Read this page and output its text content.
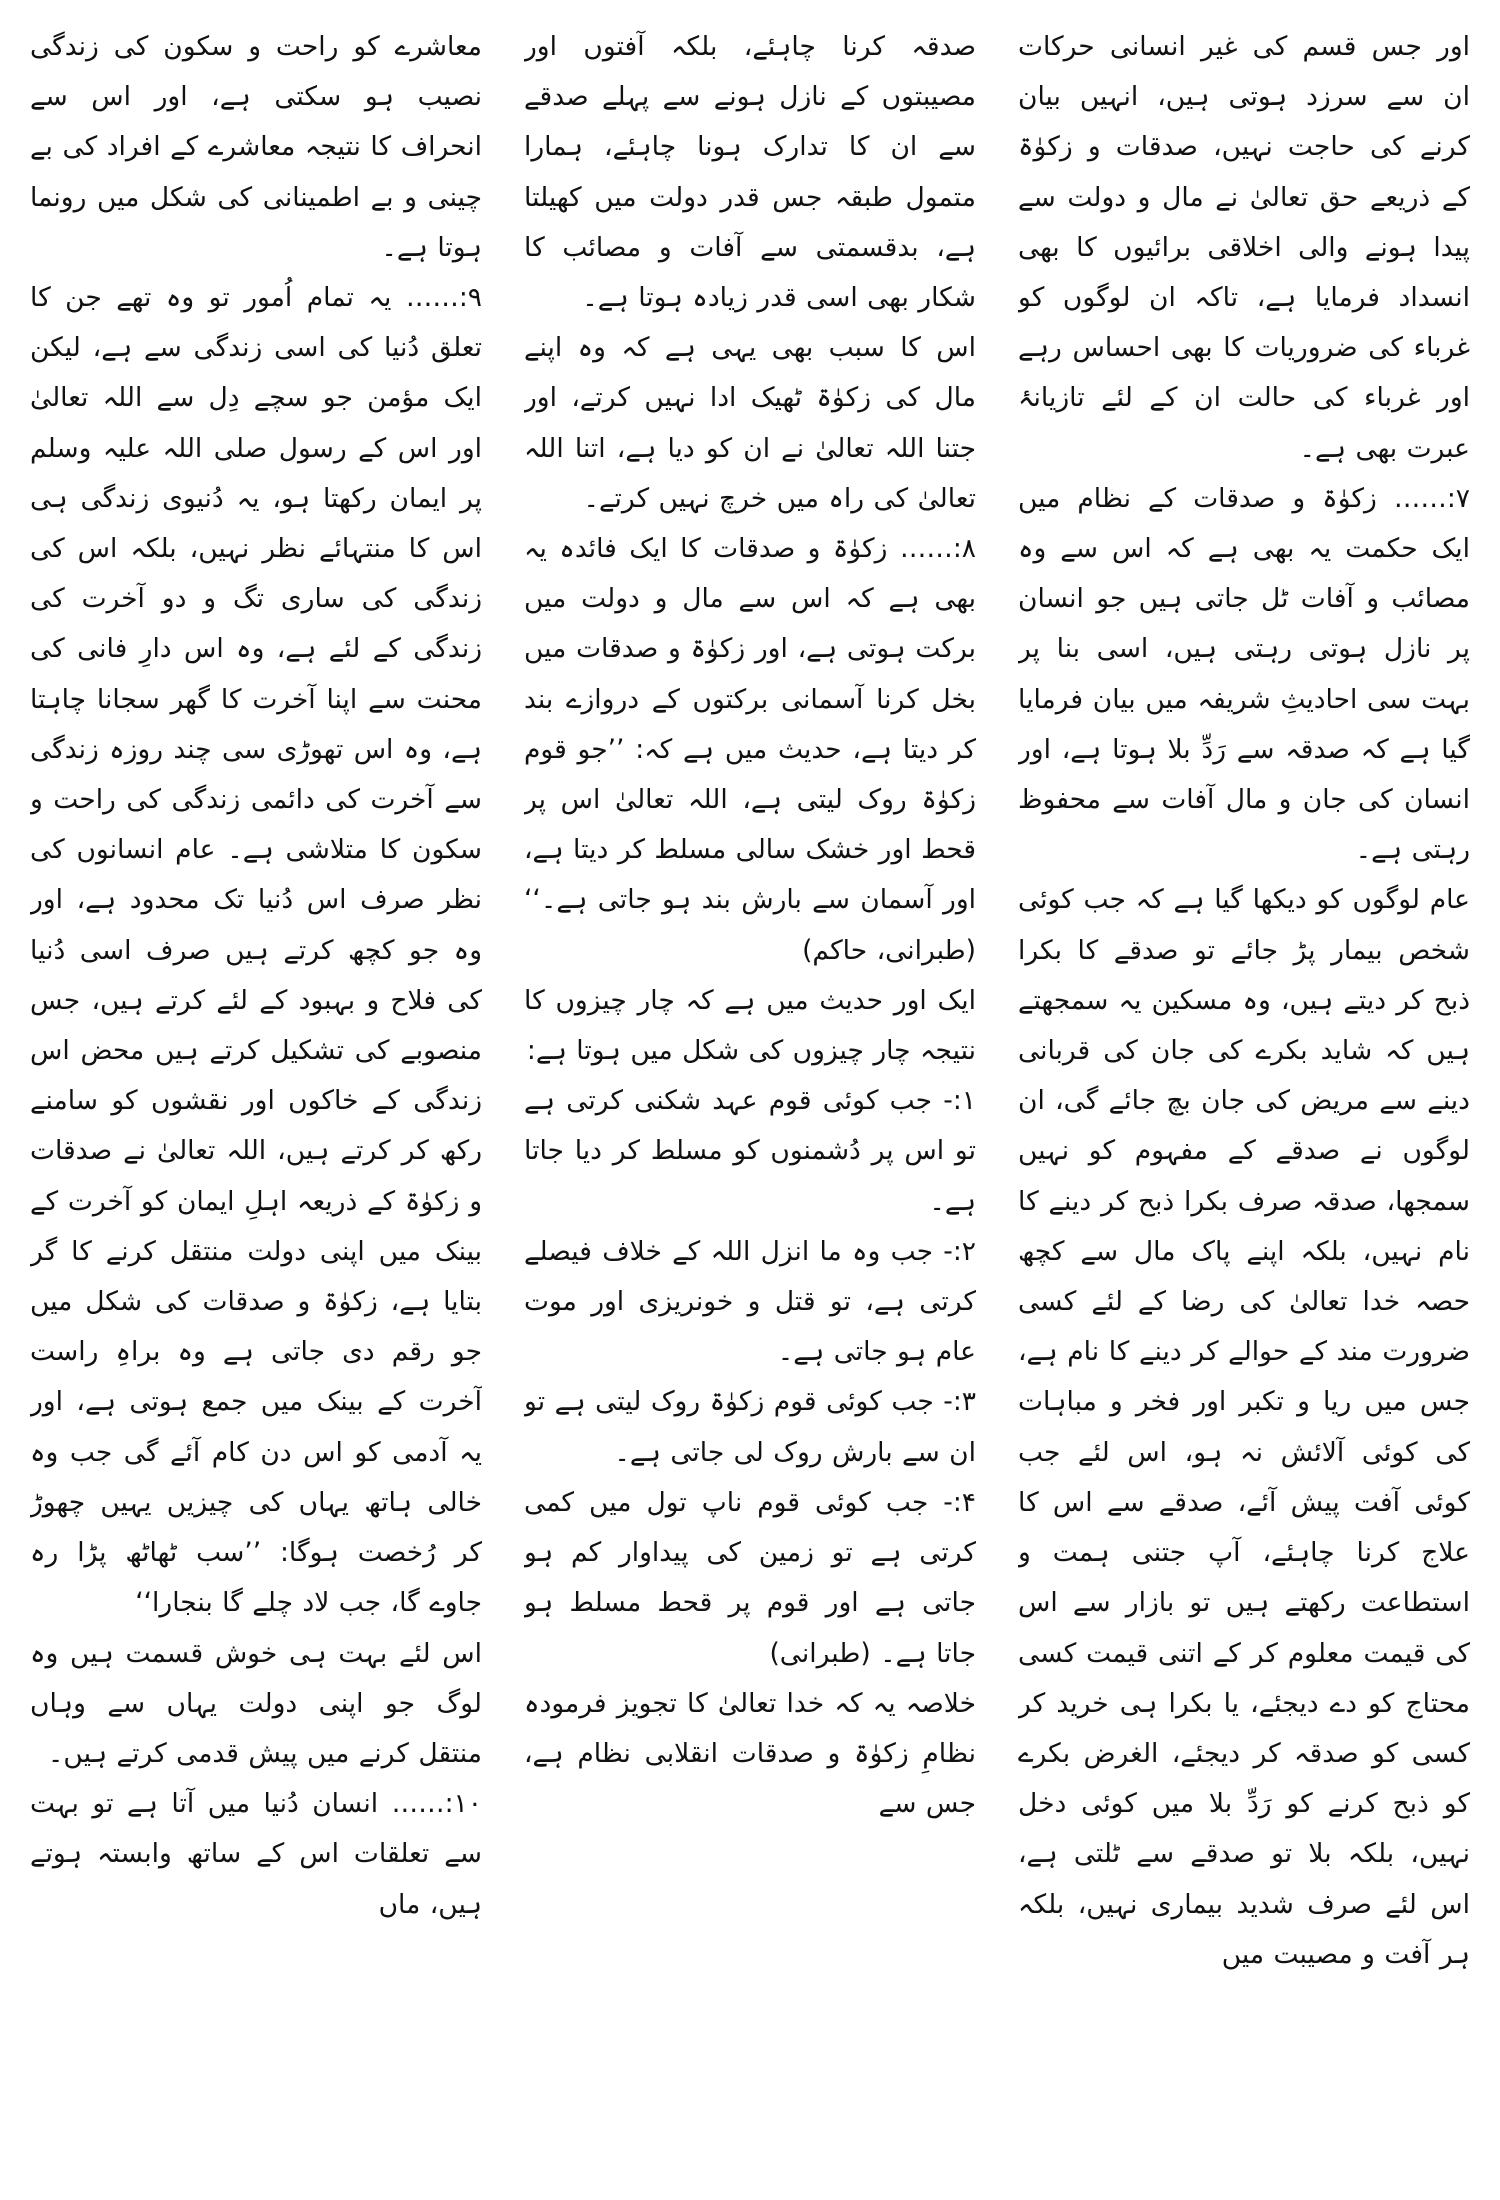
اور جس قسم کی غیر انسانی حرکات ان سے سرزد ہوتی ہیں، انہیں بیان کرنے کی حاجت نہیں، صدقات و زکوٰۃ کے ذریعے حق تعالیٰ نے مال و دولت سے پیدا ہونے والی اخلاقی برائیوں کا بھی انسداد فرمایا ہے، تاکہ ان لوگوں کو غرباء کی ضروریات کا بھی احساس رہے اور غرباء کی حالت ان کے لئے تازیانۂ عبرت بھی ہے۔

۷:…… زکوٰۃ و صدقات کے نظام میں ایک حکمت یہ بھی ہے کہ اس سے وہ مصائب و آفات ٹل جاتی ہیں جو انسان پر نازل ہوتی رہتی ہیں، اسی بنا پر بہت سی احادیثِ شریفہ میں بیان فرمایا گیا ہے کہ صدقہ سے رَدِّ بلا ہوتا ہے، اور انسان کی جان و مال آفات سے محفوظ رہتی ہے۔

عام لوگوں کو دیکھا گیا ہے کہ جب کوئی شخص بیمار پڑ جائے تو صدقے کا بکرا ذبح کر دیتے ہیں، وہ مسکین یہ سمجھتے ہیں کہ شاید بکرے کی جان کی قربانی دینے سے مریض کی جان بچ جائے گی، ان لوگوں نے صدقے کے مفہوم کو نہیں سمجھا، صدقہ صرف بکرا ذبح کر دینے کا نام نہیں، بلکہ اپنے پاک مال سے کچھ حصہ خدا تعالیٰ کی رضا کے لئے کسی ضرورت مند کے حوالے کر دینے کا نام ہے، جس میں ریا و تکبر اور فخر و مباہات کی کوئی آلائش نہ ہو، اس لئے جب کوئی آفت پیش آئے، صدقے سے اس کا علاج کرنا چاہئے، آپ جتنی ہمت و استطاعت رکھتے ہیں تو بازار سے اس کی قیمت معلوم کر کے اتنی قیمت کسی محتاج کو دے دیجئے، یا بکرا ہی خرید کر کسی کو صدقہ کر دیجئے، الغرض بکرے کو ذبح کرنے کو رَدِّ بلا میں کوئی دخل نہیں، بلکہ بلا تو صدقے سے ٹلتی ہے، اس لئے صرف شدید بیماری نہیں، بلکہ ہر آفت و مصیبت میں

صدقہ کرنا چاہئے، بلکہ آفتوں اور مصیبتوں کے نازل ہونے سے پہلے صدقے سے ان کا تدارک ہونا چاہئے، ہمارا متمول طبقہ جس قدر دولت میں کھیلتا ہے، بدقسمتی سے آفات و مصائب کا شکار بھی اسی قدر زیادہ ہوتا ہے۔

اس کا سبب بھی یہی ہے کہ وہ اپنے مال کی زکوٰۃ ٹھیک ادا نہیں کرتے، اور جتنا اللہ تعالیٰ نے ان کو دیا ہے، اتنا اللہ تعالیٰ کی راہ میں خرچ نہیں کرتے۔

۸:…… زکوٰۃ و صدقات کا ایک فائدہ یہ بھی ہے کہ اس سے مال و دولت میں برکت ہوتی ہے، اور زکوٰۃ و صدقات میں بخل کرنا آسمانی برکتوں کے دروازے بند کر دیتا ہے، حدیث میں ہے کہ: ’’جو قوم زکوٰۃ روک لیتی ہے، اللہ تعالیٰ اس پر قحط اور خشک سالی مسلط کر دیتا ہے، اور آسمان سے بارش بند ہو جاتی ہے۔‘‘ (طبرانی، حاکم)

ایک اور حدیث میں ہے کہ چار چیزوں کا نتیجہ چار چیزوں کی شکل میں ہوتا ہے:

۱:- جب کوئی قوم عہد شکنی کرتی ہے تو اس پر دُشمنوں کو مسلط کر دیا جاتا ہے۔

۲:- جب وہ ما انزل اللہ کے خلاف فیصلے کرتی ہے، تو قتل و خونریزی اور موت عام ہو جاتی ہے۔

۳:- جب کوئی قوم زکوٰۃ روک لیتی ہے تو ان سے بارش روک لی جاتی ہے۔

۴:- جب کوئی قوم ناپ تول میں کمی کرتی ہے تو زمین کی پیداوار کم ہو جاتی ہے اور قوم پر قحط مسلط ہو جاتا ہے۔ (طبرانی)

خلاصہ یہ کہ خدا تعالیٰ کا تجویز فرمودہ نظامِ زکوٰۃ و صدقات انقلابی نظام ہے، جس سے

معاشرے کو راحت و سکون کی زندگی نصیب ہو سکتی ہے، اور اس سے انحراف کا نتیجہ معاشرے کے افراد کی بے چینی و بے اطمینانی کی شکل میں رونما ہوتا ہے۔

۹:…… یہ تمام اُمور تو وہ تھے جن کا تعلق دُنیا کی اسی زندگی سے ہے، لیکن ایک مؤمن جو سچے دِل سے اللہ تعالیٰ اور اس کے رسول صلی اللہ علیہ وسلم پر ایمان رکھتا ہو، یہ دُنیوی زندگی ہی اس کا منتہائے نظر نہیں، بلکہ اس کی زندگی کی ساری تگ و دو آخرت کی زندگی کے لئے ہے، وہ اس دارِ فانی کی محنت سے اپنا آخرت کا گھر سجانا چاہتا ہے، وہ اس تھوڑی سی چند روزہ زندگی سے آخرت کی دائمی زندگی کی راحت و سکون کا متلاشی ہے۔ عام انسانوں کی نظر صرف اس دُنیا تک محدود ہے، اور وہ جو کچھ کرتے ہیں صرف اسی دُنیا کی فلاح و بہبود کے لئے کرتے ہیں، جس منصوبے کی تشکیل کرتے ہیں محض اس زندگی کے خاکوں اور نقشوں کو سامنے رکھ کر کرتے ہیں، اللہ تعالیٰ نے صدقات و زکوٰۃ کے ذریعہ اہلِ ایمان کو آخرت کے بینک میں اپنی دولت منتقل کرنے کا گر بتایا ہے، زکوٰۃ و صدقات کی شکل میں جو رقم دی جاتی ہے وہ براہِ راست آخرت کے بینک میں جمع ہوتی ہے، اور یہ آدمی کو اس دن کام آئے گی جب وہ خالی ہاتھ یہاں کی چیزیں یہیں چھوڑ کر رُخصت ہوگا: ’’سب ٹھاٹھ پڑا رہ جاوے گا، جب لاد چلے گا بنجارا‘‘

اس لئے بہت ہی خوش قسمت ہیں وہ لوگ جو اپنی دولت یہاں سے وہاں منتقل کرنے میں پیش قدمی کرتے ہیں۔

۱۰:…… انسان دُنیا میں آتا ہے تو بہت سے تعلقات اس کے ساتھ وابستہ ہوتے ہیں، ماں
